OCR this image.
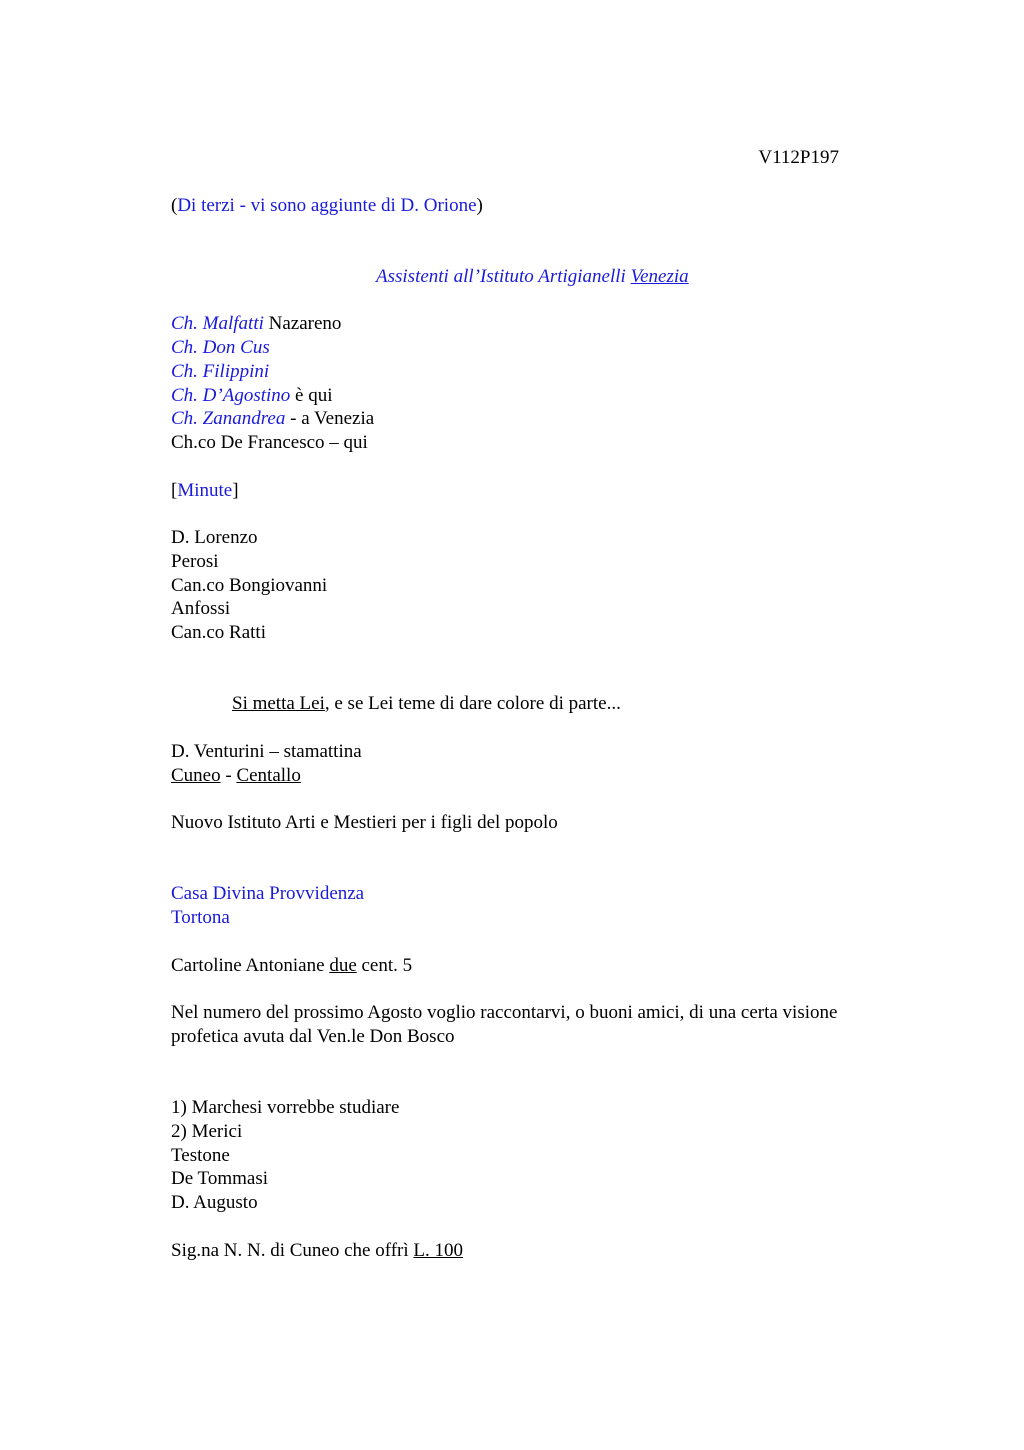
V112P197
(Di terzi - vi sono aggiunte di D. Orione)
Assistenti all’Istituto Artigianelli Venezia
Ch. Malfatti Nazareno
Ch. Don Cus
Ch. Filippini
Ch. D’Agostino è qui
Ch. Zanandrea - a Venezia
Ch.co De Francesco – qui
[Minute]
D. Lorenzo
Perosi
Can.co Bongiovanni
Anfossi
Can.co Ratti
Si metta Lei, e se Lei teme di dare colore di parte...
D. Venturini – stamattina
Cuneo - Centallo
Nuovo Istituto Arti e Mestieri per i figli del popolo
Casa Divina Provvidenza
Tortona
Cartoline Antoniane due cent. 5
Nel numero del prossimo Agosto voglio raccontarvi, o buoni amici, di una certa visione
profetica avuta dal Ven.le Don Bosco
1) Marchesi vorrebbe studiare
2) Merici
Testone
De Tommasi
D. Augusto
Sig.na N. N. di Cuneo che offrì L. 100
